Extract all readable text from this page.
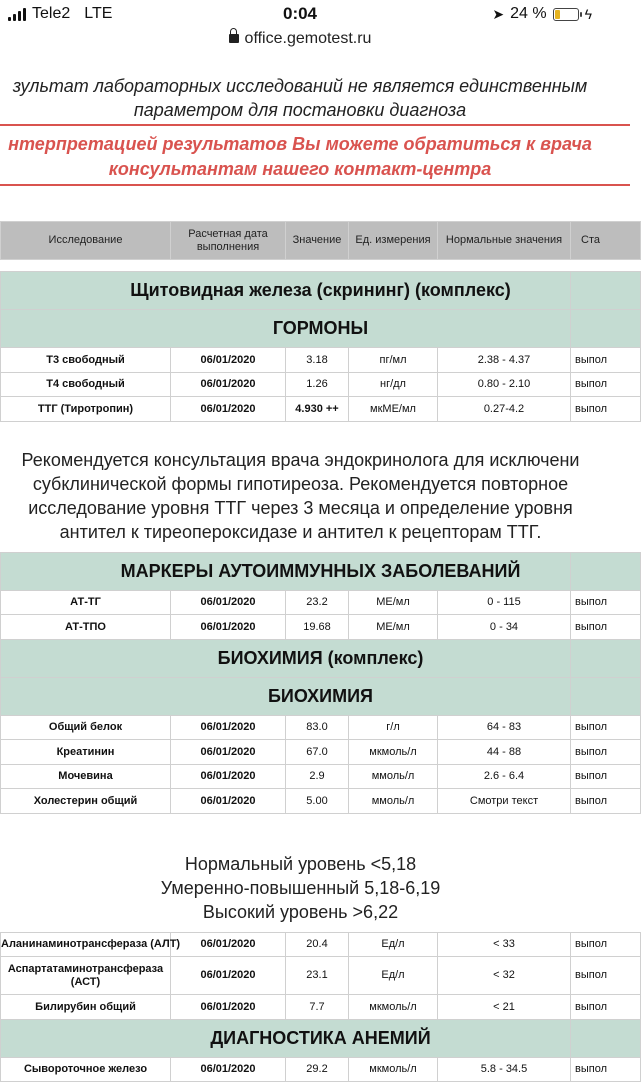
Tele2 LTE	0:04	➤ 24 %	ϟ
office.gemotest.ru
зультат лабораторных исследований не является единственным
параметром для постановки диагноза
нтерпретацией результатов Вы можете обратиться к врача
консультантам нашего контакт-центра
Исследование	Расчетная дата выполнения	Значение	Ед. измерения	Нормальные значения	Ста

Щитовидная железа (скрининг) (комплекс)					
ГОРМОНЫ					
Т3 свободный	06/01/2020	3.18	пг/мл	2.38 - 4.37	выпол
Т4 свободный	06/01/2020	1.26	нг/дл	0.80 - 2.10	выпол
ТТГ (Тиротропин)	06/01/2020	4.930 ++	мкМЕ/мл	0.27-4.2	выпол

Рекомендуется консультация врача эндокринолога для исключени
субклинической формы гипотиреоза. Рекомендуется повторное
исследование уровня ТТГ через 3 месяца и определение уровня
антител к тиреопероксидазе и антител к рецепторам ТТГ.					

МАРКЕРЫ АУТОИММУННЫХ ЗАБОЛЕВАНИЙ					
АТ-ТГ	06/01/2020	23.2	МЕ/мл	0 - 115	выпол
АТ-ТПО	06/01/2020	19.68	МЕ/мл	0 - 34	выпол
БИОХИМИЯ (комплекс)					
БИОХИМИЯ					
Общий белок	06/01/2020	83.0	г/л	64 - 83	выпол
Креатинин	06/01/2020	67.0	мкмоль/л	44 - 88	выпол
Мочевина	06/01/2020	2.9	ммоль/л	2.6 - 6.4	выпол
Холестерин общий	06/01/2020	5.00	ммоль/л	Смотри текст	выпол

Нормальный уровень <5,18
Умеренно-повышенный 5,18-6,19
Высокий уровень >6,22					

Аланинаминотрансфераза (АЛТ)	06/01/2020	20.4	Ед/л	< 33	выпол
Аспартатаминотрансфераза (АСТ)	06/01/2020	23.1	Ед/л	< 32	выпол
Билирубин общий	06/01/2020	7.7	мкмоль/л	< 21	выпол
ДИАГНОСТИКА АНЕМИЙ					
Сывороточное железо	06/01/2020	29.2	мкмоль/л	5.8 - 34.5	выпол
